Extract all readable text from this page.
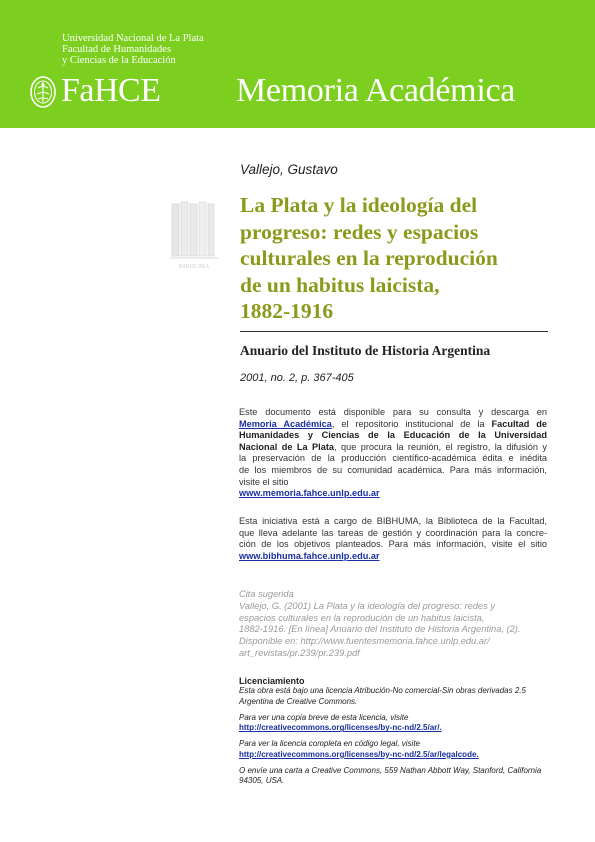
Universidad Nacional de La Plata
Facultad de Humanidades
y Ciencias de la Educación
FaHCE Memoria Académica
BIBHUMA
Vallejo, Gustavo
La Plata y la ideología del
progreso: redes y espacios
culturales en la reprodución
de un habitus laicista,
1882-1916
Anuario del Instituto de Historia Argentina
2001, no. 2, p. 367-405
Este documento está disponible para su consulta y descarga en
Memoria Académica, el repositorio institucional de la Facultad de
Humanidades y Ciencias de la Educación de la Universidad
Nacional de La Plata, que procura la reunión, el registro, la difusión y
la preservación de la producción científico-académica édita e inédita
de los miembros de su comunidad académica. Para más información,
visite el sitio
www.memoria.fahce.unlp.edu.ar
Esta iniciativa está a cargo de BIBHUMA, la Biblioteca de la Facultad,
que lleva adelante las tareas de gestión y coordinación para la concre-
ción de los objetivos planteados. Para más información, visite el sitio
www.bibhuma.fahce.unlp.edu.ar
Cita sugerida
Vallejo, G. (2001) La Plata y la ideología del progreso: redes y
espacios culturales en la reprodución de un habitus laicista,
1882-1916. [En línea] Anuario del Instituto de Historia Argentina, (2).
Disponible en: http://www.fuentesmemoria.fahce.unlp.edu.ar/
art_revistas/pr.239/pr.239.pdf
Licenciamiento
Esta obra está bajo una licencia Atribución-No comercial-Sin obras derivadas 2.5
Argentina de Creative Commons.
Para ver una copia breve de esta licencia, visite
http://creativecommons.org/licenses/by-nc-nd/2.5/ar/.
Para ver la licencia completa en código legal, visite
http://creativecommons.org/licenses/by-nc-nd/2.5/ar/legalcode.
O envíe una carta a Creative Commons, 559 Nathan Abbott Way, Stanford, California
94305, USA.
